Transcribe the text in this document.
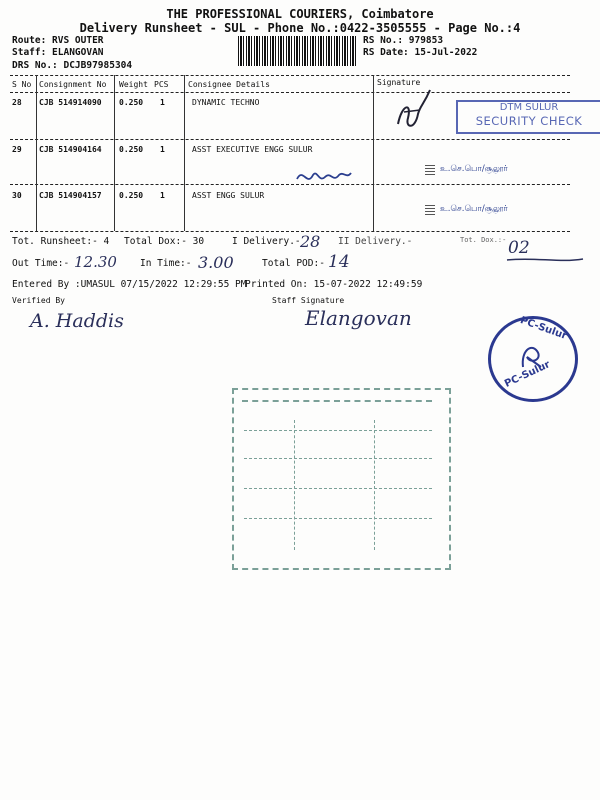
THE PROFESSIONAL COURIERS, Coimbatore
Delivery Runsheet - SUL - Phone No.:0422-3505555 - Page No.:4
Route: RVS OUTER
Staff: ELANGOVAN
DRS No.: DCJB97985304
RS No.: 979853
RS Date: 15-Jul-2022
S No Consignment No Weight PCS Consignee Details	Signature
28 CJB 514914090 0.250 1	DYNAMIC TECHNO
29 CJB 514904164 0.250 1	ASST EXECUTIVE ENGG SULUR
30 CJB 514904157 0.250 1	ASST ENGG SULUR
DTM SULUR
SECURITY CHECK
உ.செ.பொ/சூலூர்
உ.செ.பொ/சூலூர்
Tot. Runsheet:- 4 Total Dox:- 30	I Delivery.- 28 II Delivery.-	Tot. Dox.:- 02
Out Time:- 12.30 In Time:- 3.00	Total POD:- 14
Entered By :UMASUL 07/15/2022 12:29:55 PM
Printed On: 15-07-2022 12:49:59
Verified By	Staff Signature
A. Haddis	Elangovan	PC-Sulur
PC-Sulur
